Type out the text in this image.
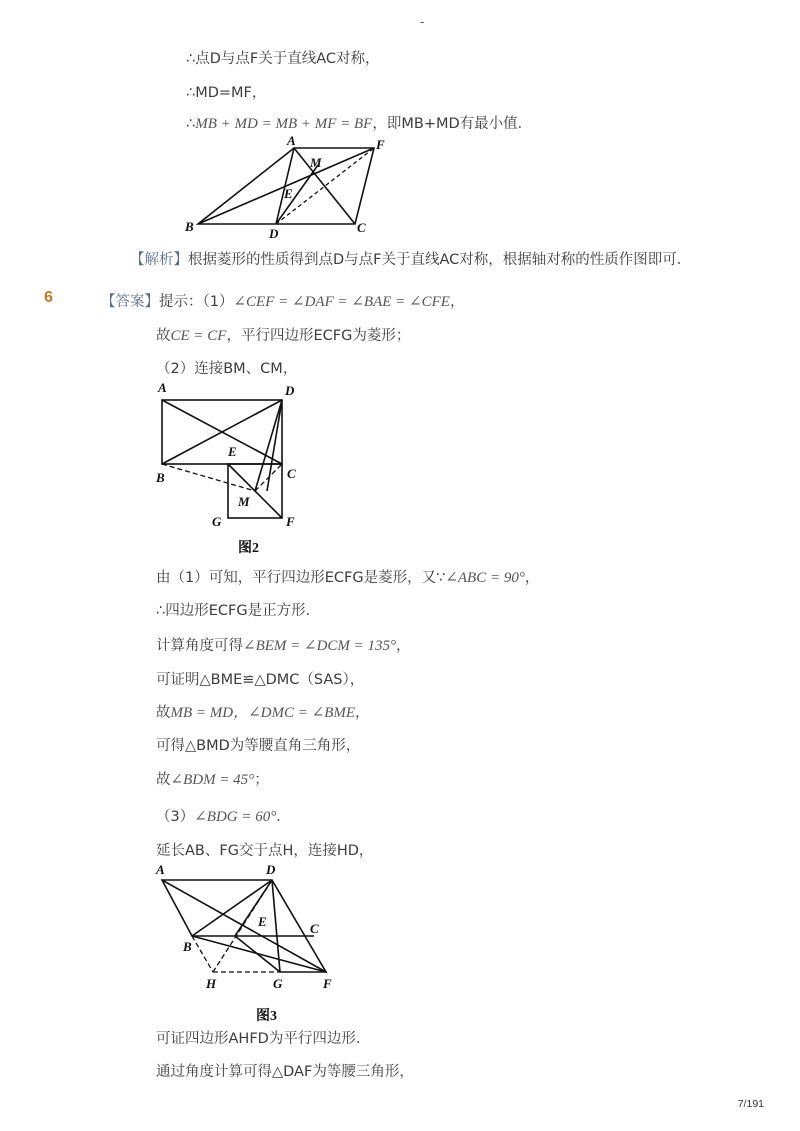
-
∴点D与点F关于直线AC对称，
∴MD=MF，
∴MB + MD = MB + MF = BF，即MB+MD有最小值．
A
M
F
E
B	D	C
【解析】根据菱形的性质得到点D与点F关于直线AC对称，根据轴对称的性质作图即可．
6	【答案】提示：（1）∠CEF = ∠DAF = ∠BAE = ∠CFE，
故CE = CF，平行四边形ECFG为菱形；
（2）连接BM、CM，
A	D
E
C
B
M
G	F
图2
由（1）可知，平行四边形ECFG是菱形，又∵∠ABC = 90°，
∴四边形ECFG是正方形．
计算角度可得∠BEM = ∠DCM = 135°，
可证明△BME≌△DMC（SAS），
故MB = MD，∠DMC = ∠BME，
可得△BMD为等腰直角三角形，
故∠BDM = 45°；
（3）∠BDG = 60°．
延长AB、FG交于点H，连接HD，
A	D
E	C
B
H	G	F
图3
可证四边形AHFD为平行四边形．
通过角度计算可得△DAF为等腰三角形，
7/191
